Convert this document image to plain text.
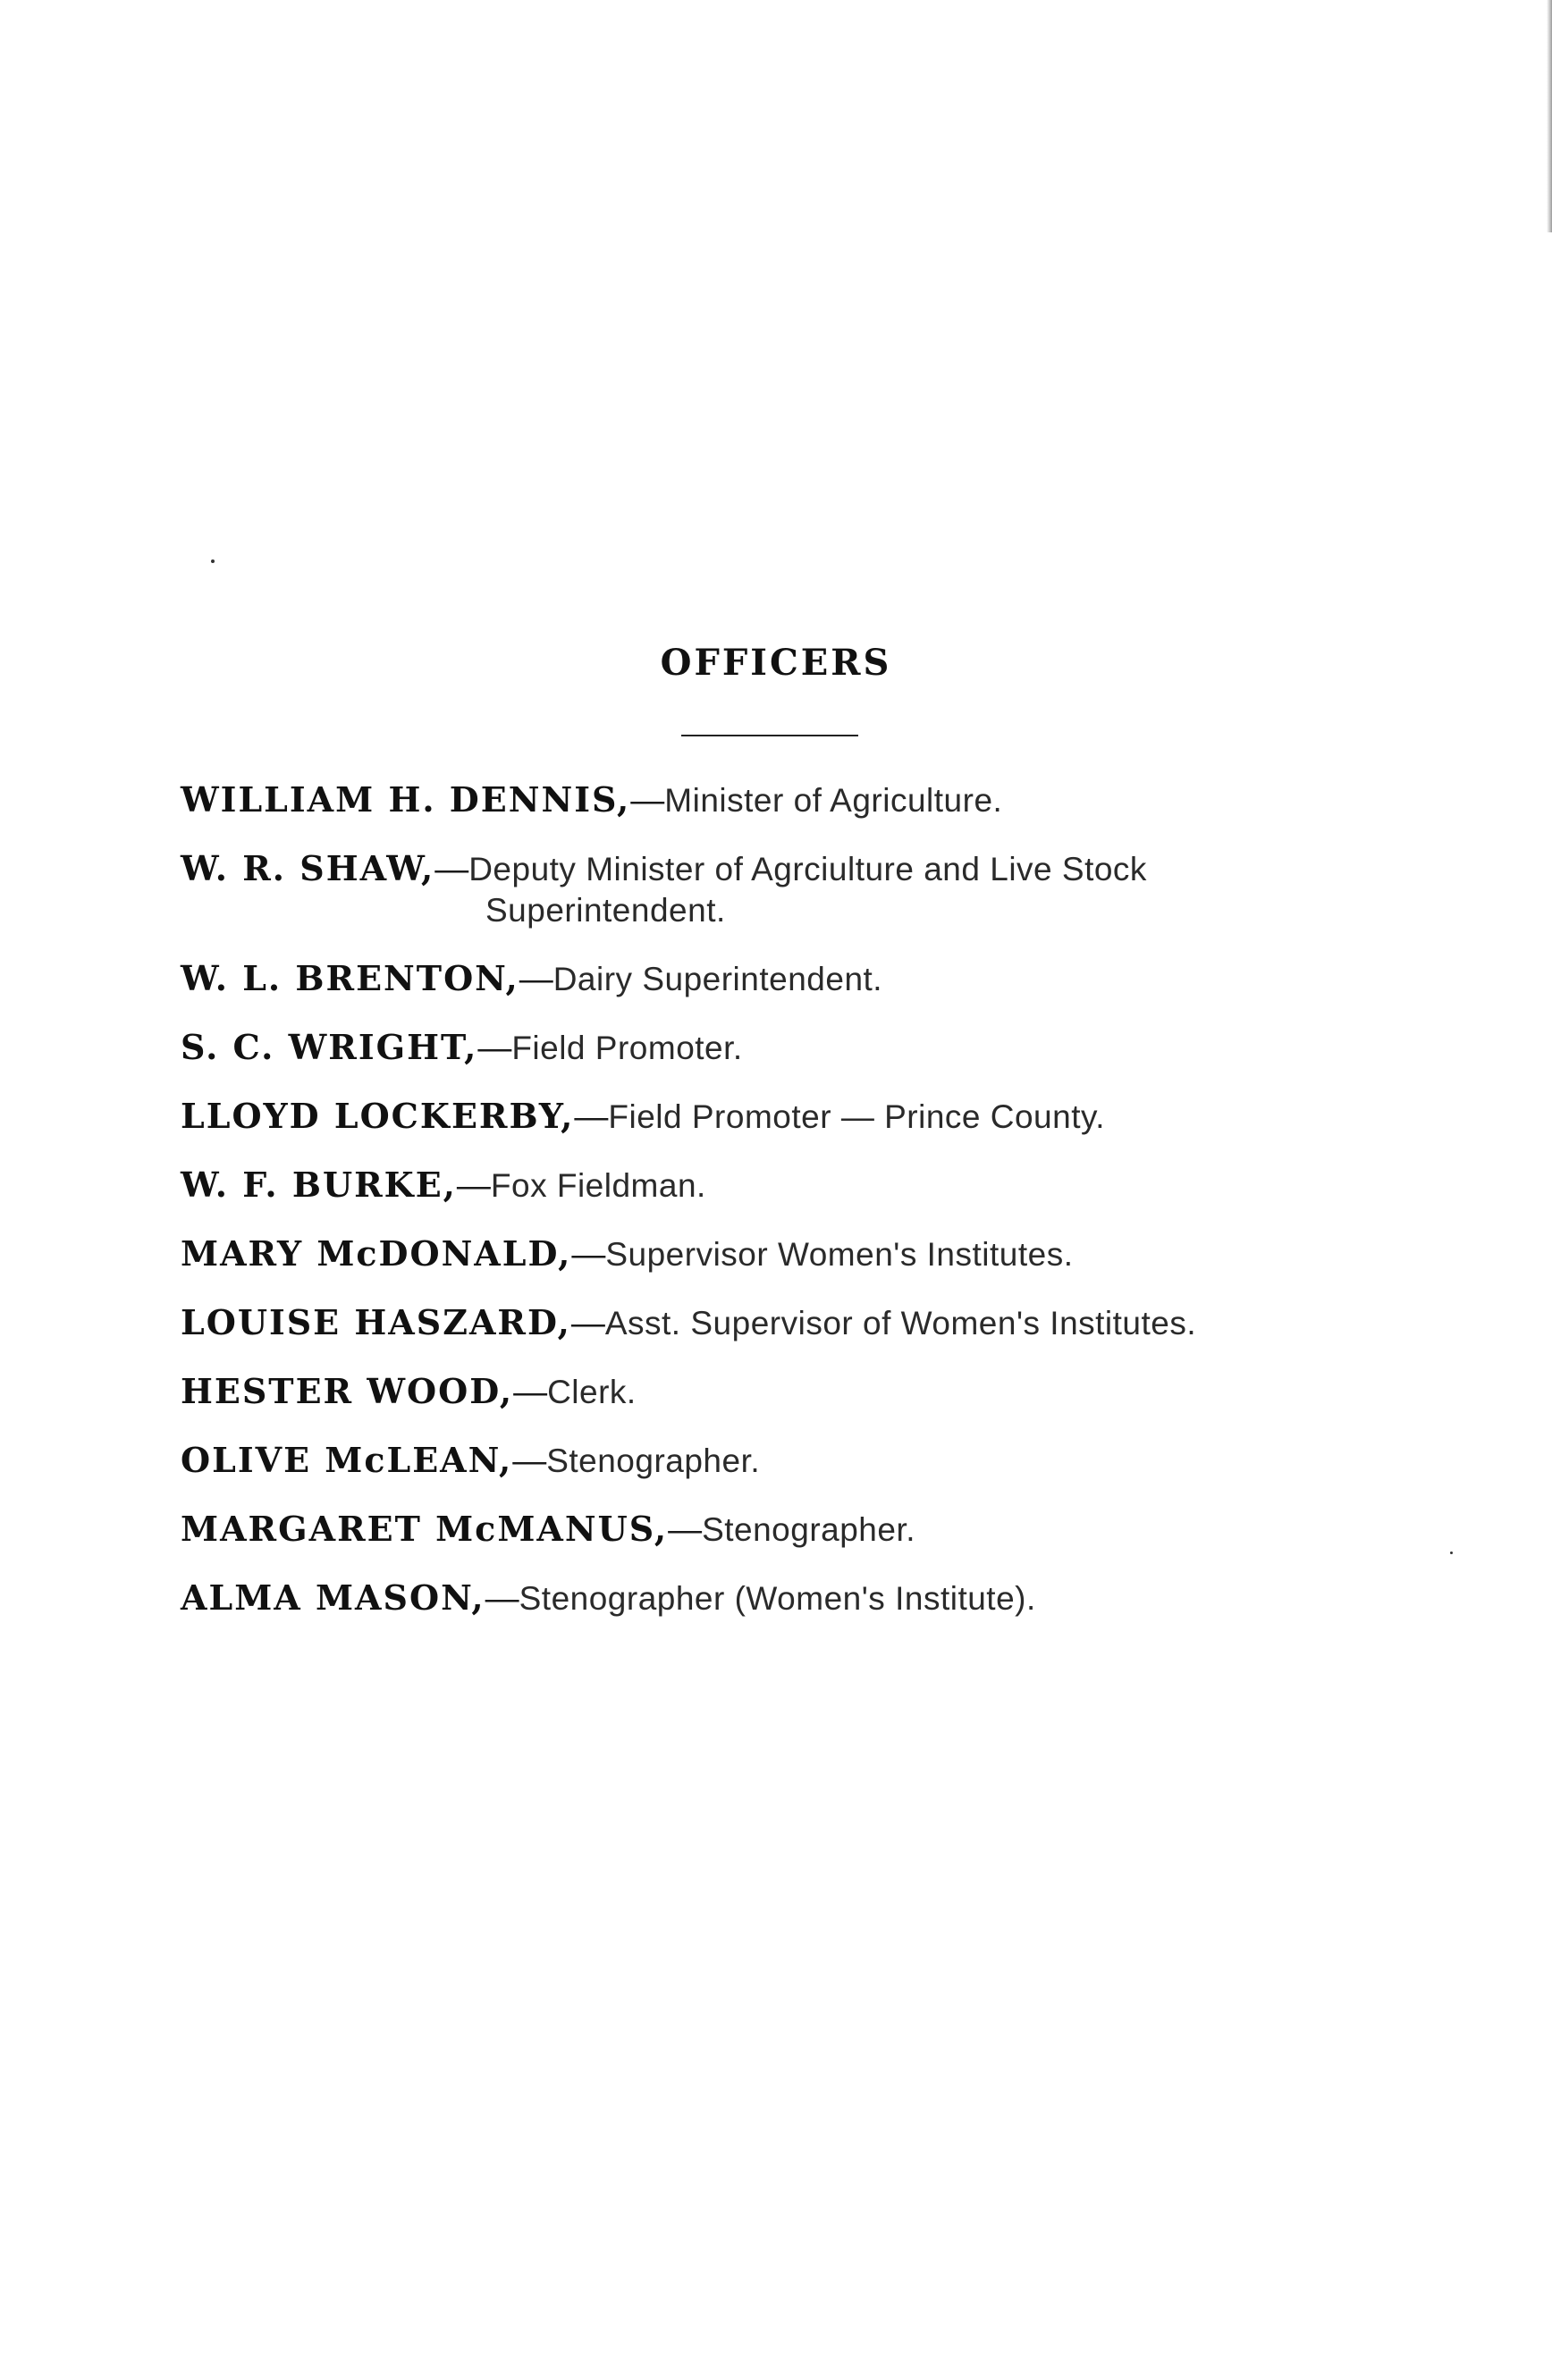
OFFICERS
WILLIAM H. DENNIS,—Minister of Agriculture.
W. R. SHAW,—Deputy Minister of Agrciulture and Live Stock
Superintendent.
W. L. BRENTON,—Dairy Superintendent.
S. C. WRIGHT,—Field Promoter.
LLOYD LOCKERBY,—Field Promoter — Prince County.
W. F. BURKE,—Fox Fieldman.
MARY McDONALD,—Supervisor Women's Institutes.
LOUISE HASZARD,—Asst. Supervisor of Women's Institutes.
HESTER WOOD,—Clerk.
OLIVE McLEAN,—Stenographer.
MARGARET McMANUS,—Stenographer.
ALMA MASON,—Stenographer (Women's Institute).
